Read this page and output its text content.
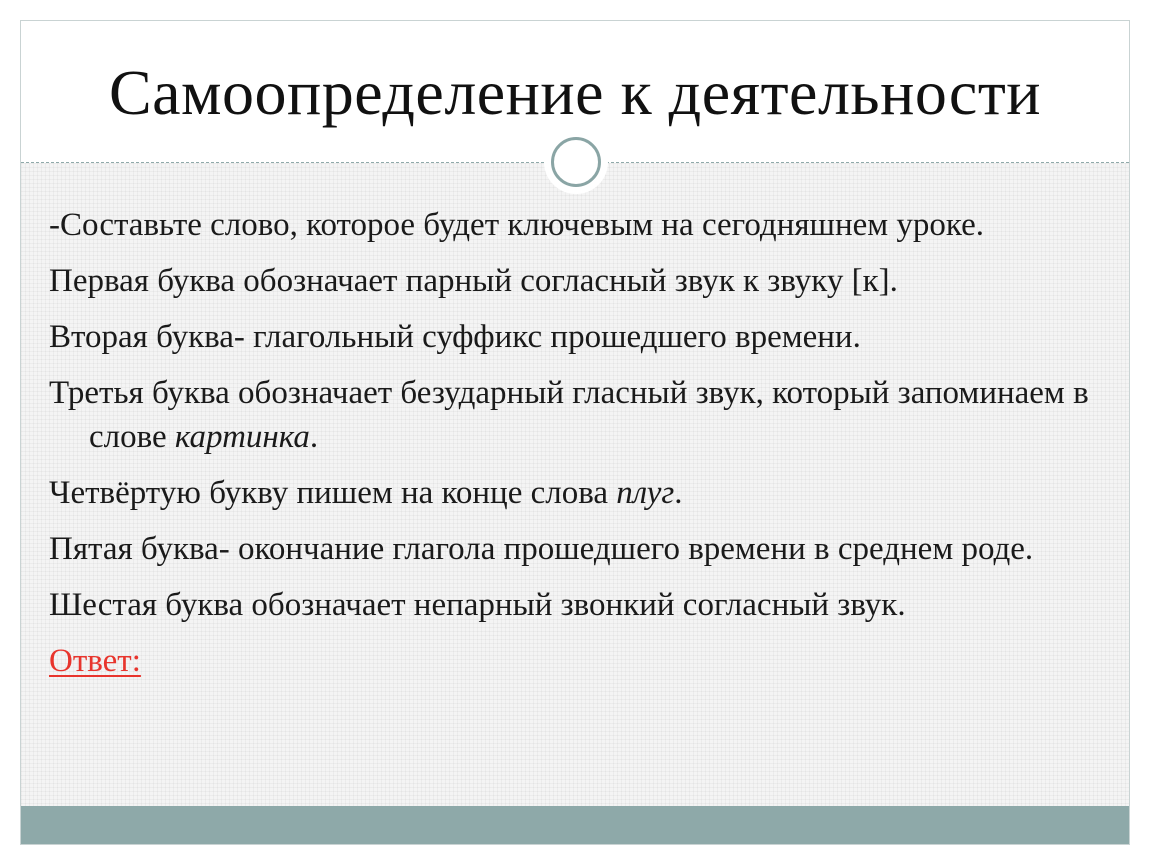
Самоопределение к деятельности

-Составьте слово, которое будет ключевым на сегодняшнем уроке.

Первая буква обозначает парный согласный звук к звуку [к].

Вторая буква- глагольный суффикс прошедшего времени.

Третья буква обозначает безударный гласный звук, который запоминаем в слове картинка.

Четвёртую букву пишем на конце слова плуг.

Пятая буква- окончание глагола прошедшего времени в среднем роде.

Шестая буква обозначает непарный звонкий согласный звук.

Ответ:
